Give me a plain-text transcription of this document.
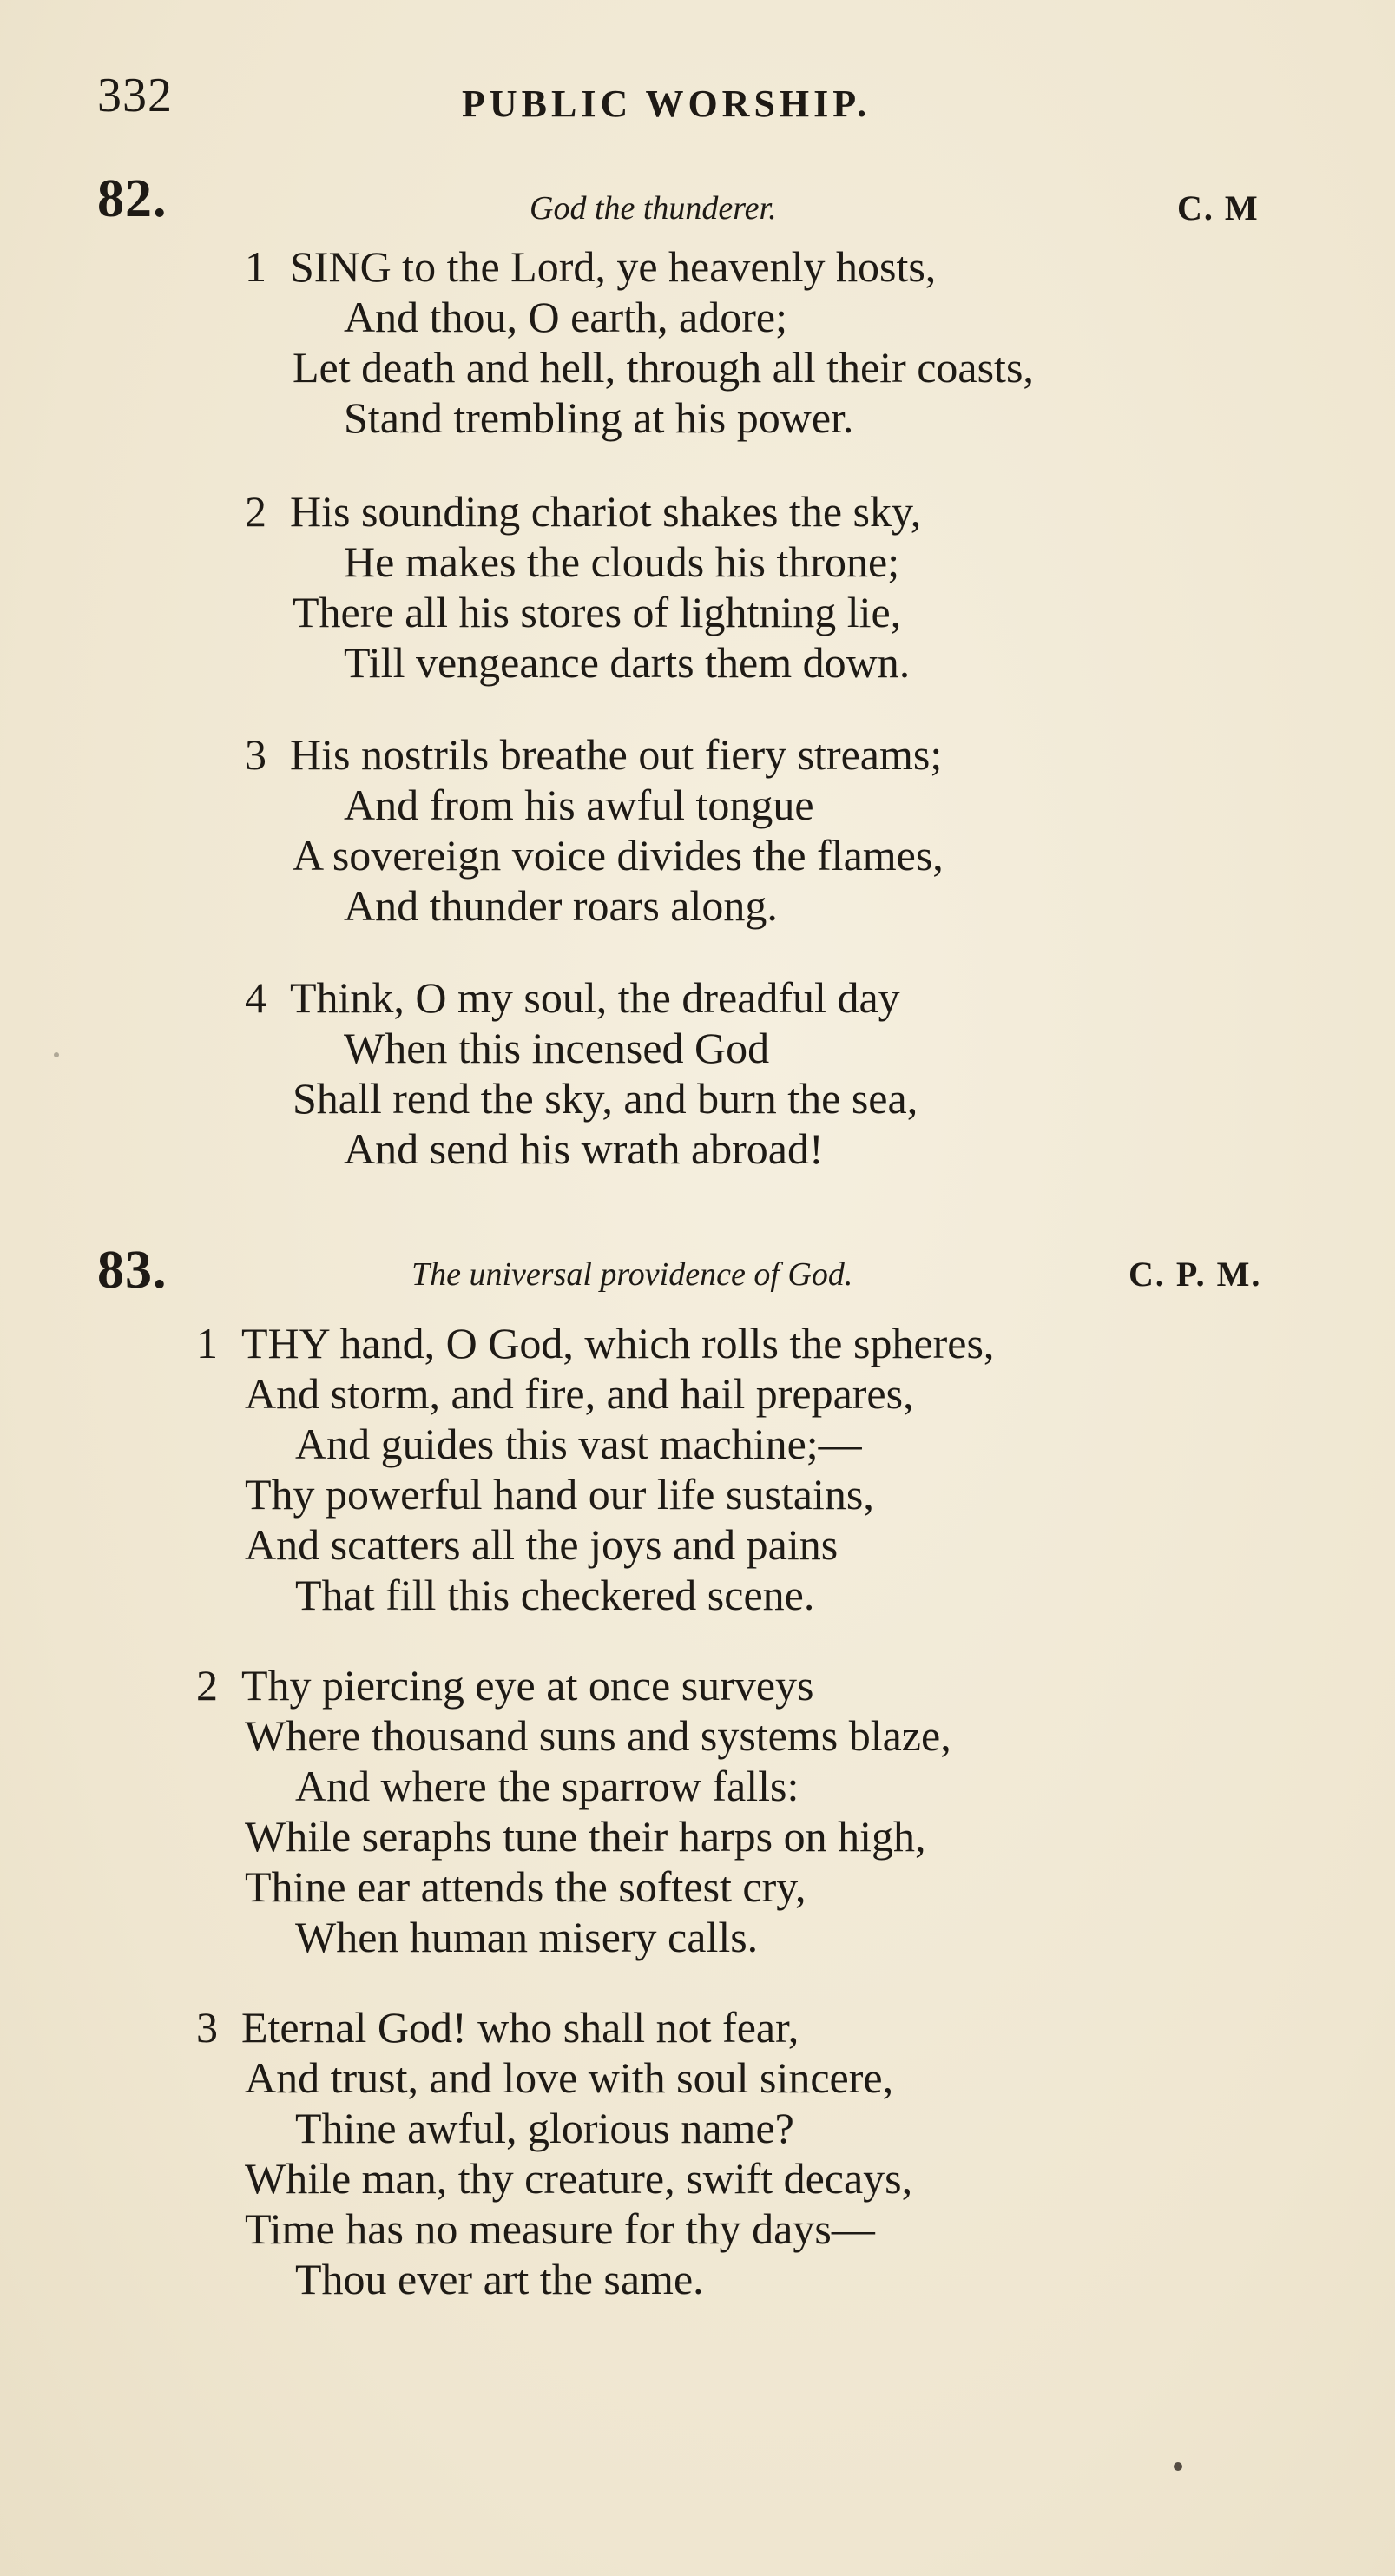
332	PUBLIC WORSHIP.
82.	God the thunderer.	C. M
1 SING to the Lord, ye heavenly hosts,
And thou, O earth, adore;
Let death and hell, through all their coasts,
Stand trembling at his power.
2 His sounding chariot shakes the sky,
He makes the clouds his throne;
There all his stores of lightning lie,
Till vengeance darts them down.
3 His nostrils breathe out fiery streams;
And from his awful tongue
A sovereign voice divides the flames,
And thunder roars along.
4 Think, O my soul, the dreadful day
When this incensed God
Shall rend the sky, and burn the sea,
And send his wrath abroad!
83.	The universal providence of God.	C. P. M.
1 THY hand, O God, which rolls the spheres,
And storm, and fire, and hail prepares,
And guides this vast machine;—
Thy powerful hand our life sustains,
And scatters all the joys and pains
That fill this checkered scene.
2 Thy piercing eye at once surveys
Where thousand suns and systems blaze,
And where the sparrow falls:
While seraphs tune their harps on high,
Thine ear attends the softest cry,
When human misery calls.
3 Eternal God! who shall not fear,
And trust, and love with soul sincere,
Thine awful, glorious name?
While man, thy creature, swift decays,
Time has no measure for thy days—
Thou ever art the same.
